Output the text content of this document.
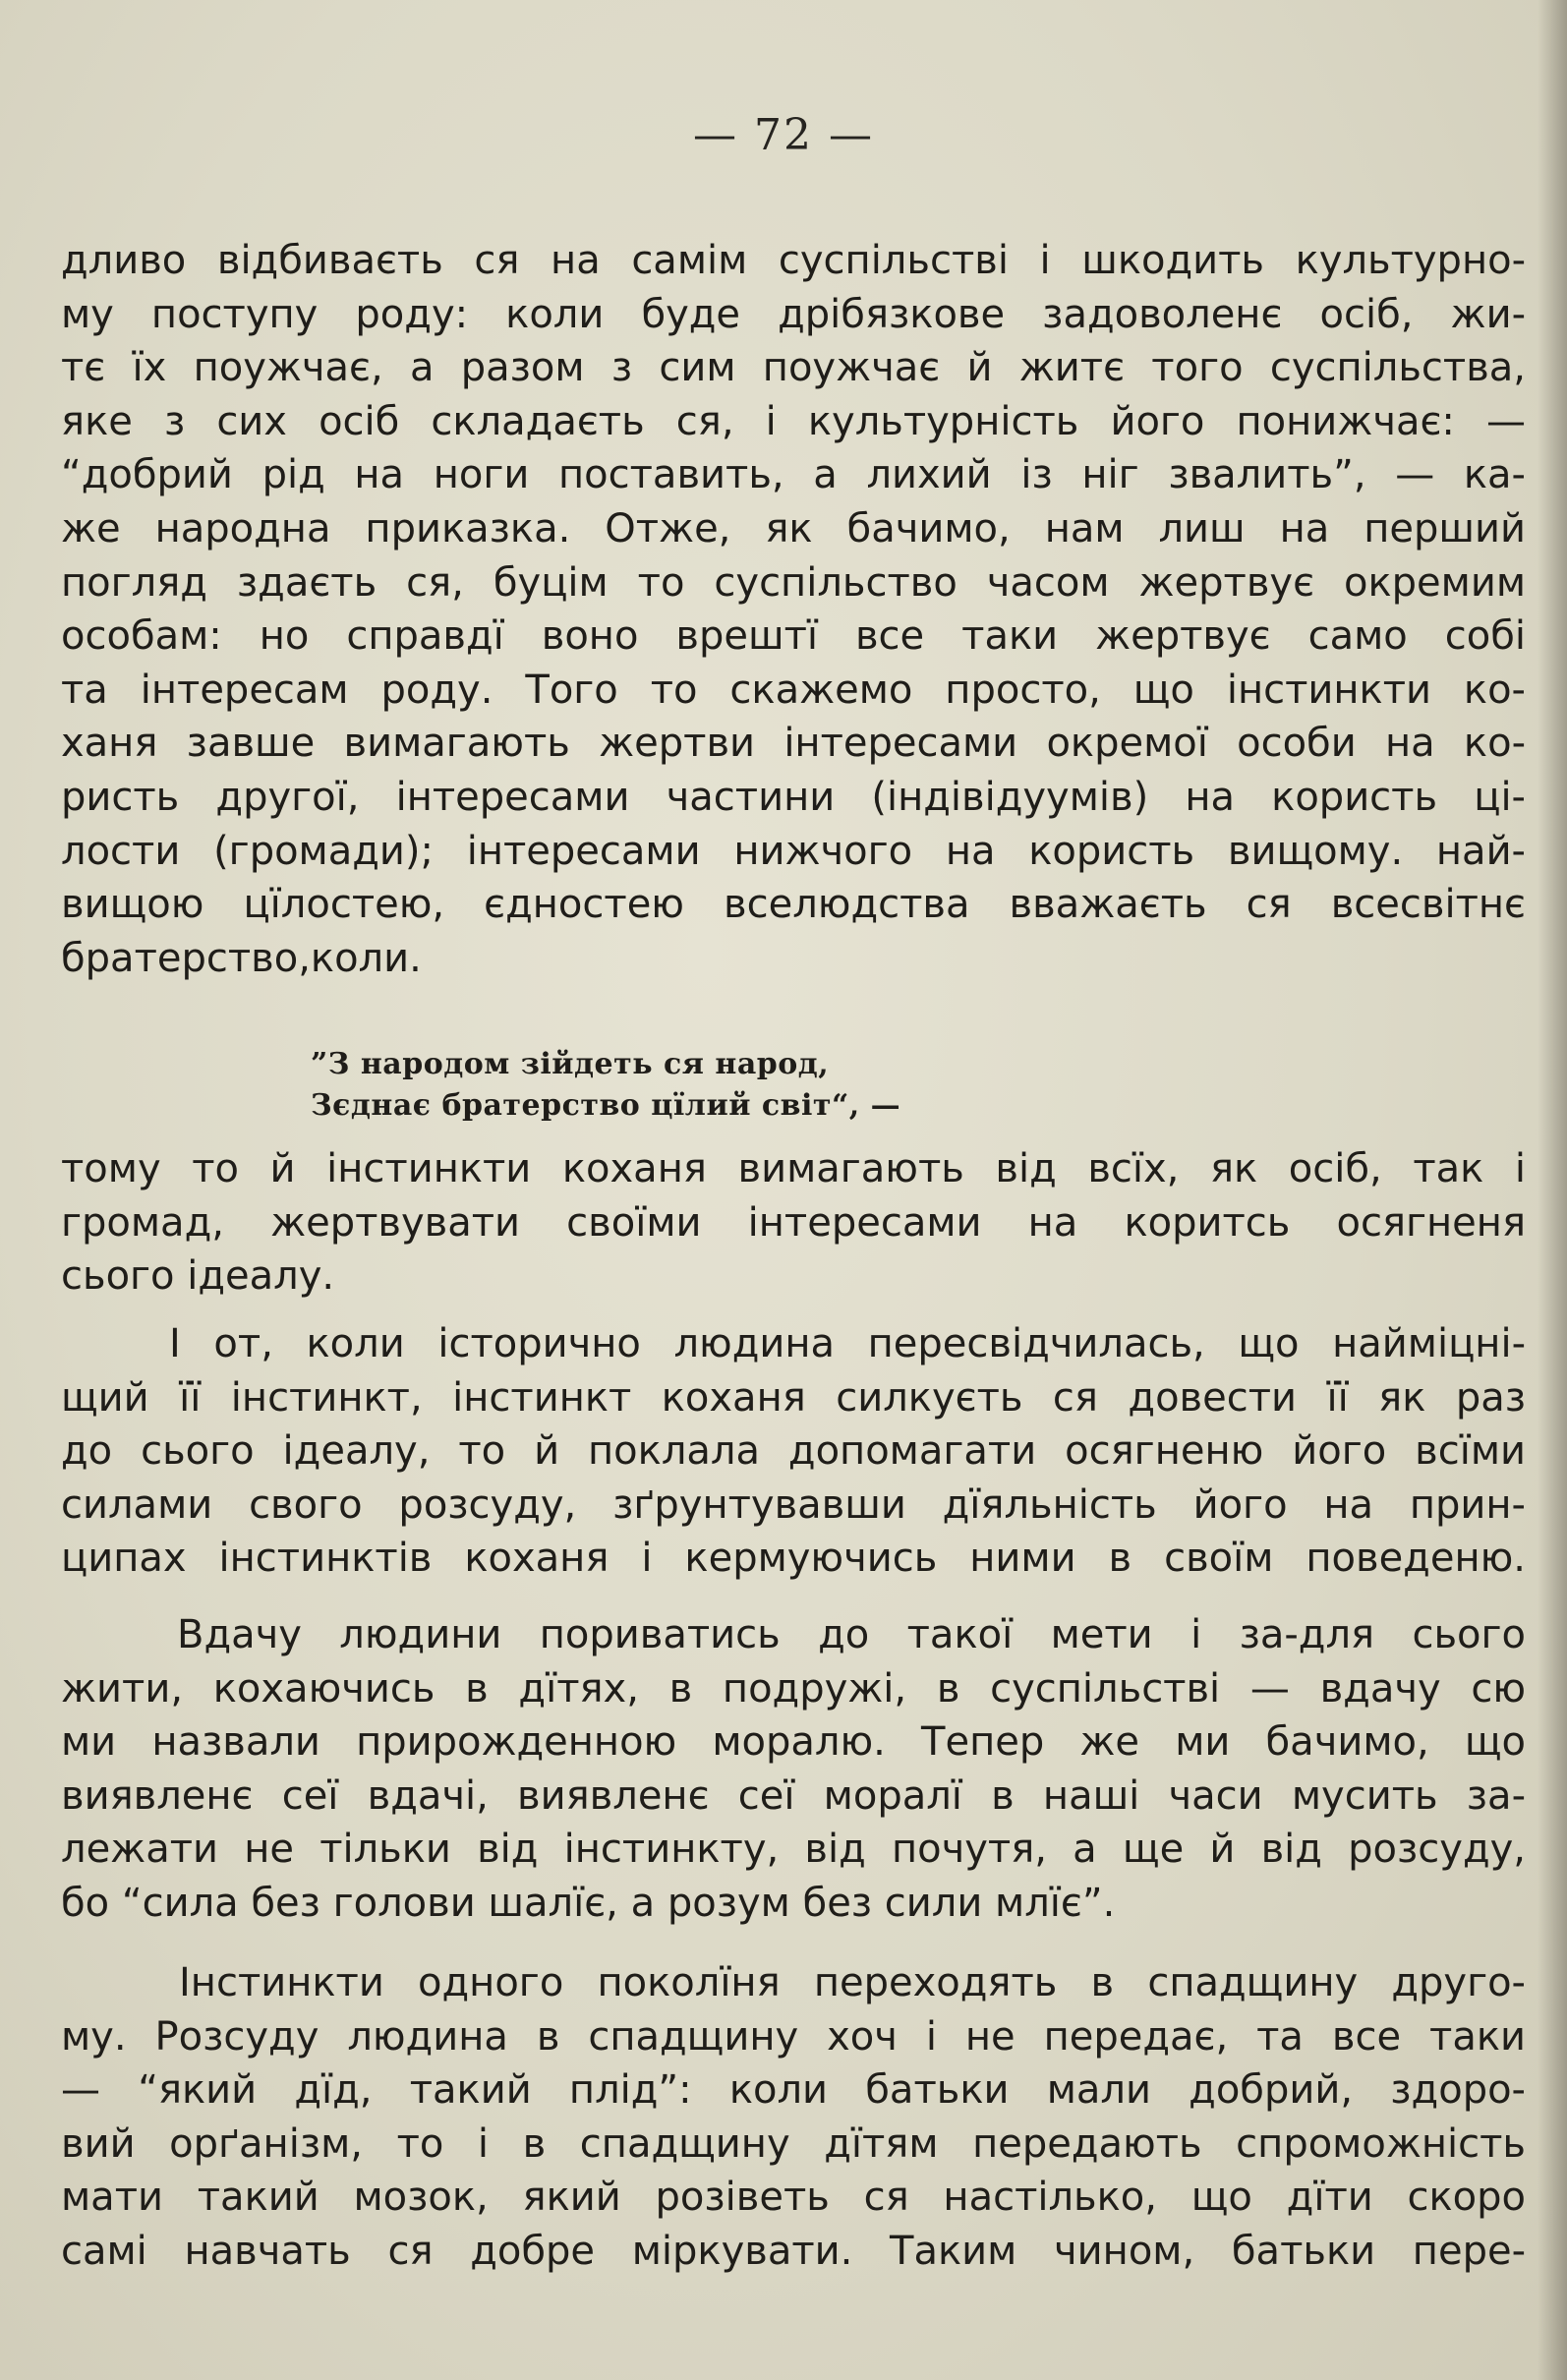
— 72 —
дливо відбиваєть ся на самім суспільстві і шкодить культурно-
му поступу роду: коли буде дрібязкове задоволенє осіб, жи-
тє їх поужчає, а разом з сим поужчає й житє того суспільства,
яке з сих осіб складаєть ся, і культурність його понижчає: —
“добрий рід на ноги поставить, а лихий із ніг звалить”, — ка-
же народна приказка. Отже, як бачимо, нам лиш на перший
погляд здаєть ся, буцім то суспільство часом жертвує окремим
особам: но справдї воно врештї все таки жертвує само собі
та інтересам роду. Того то скажемо просто, що інстинкти ко-
ханя завше вимагають жертви інтересами окремої особи на ко-
ристь другої, інтересами частини (індівідуумів) на користь ці-
лости (громади); інтересами нижчого на користь вищому. най-
вищою цїлостею, єдностею вселюдства вважаєть ся всесвітнє
братерство,коли.
”З народом зійдеть ся народ,
Зєднає братерство цїлий світ“, —
тому то й інстинкти коханя вимагають від всїх, як осіб, так і
громад, жертвувати своїми інтересами на коритсь осягненя
сього ідеалу.
І от, коли історично людина пересвідчилась, що найміцні-
щий її інстинкт, інстинкт коханя силкуєть ся довести її як раз
до сього ідеалу, то й поклала допомагати осягненю його всїми
силами свого розсуду, зґрунтувавши дїяльність його на прин-
ципах інстинктів коханя і кермуючись ними в своїм поведеню.
Вдачу людини пориватись до такої мети і за-для сього
жити, кохаючись в дїтях, в подружі, в суспільстві — вдачу сю
ми назвали прирожденною моралю. Тепер же ми бачимо, що
виявленє сеї вдачі, виявленє сеї моралї в наші часи мусить за-
лежати не тільки від інстинкту, від почутя, а ще й від розсуду,
бо “сила без голови шалїє, а розум без сили млїє”.
Інстинкти одного поколїня переходять в спадщину друго-
му. Розсуду людина в спадщину хоч і не передає, та все таки
— “який дїд, такий плід”: коли батьки мали добрий, здоро-
вий орґанізм, то і в спадщину дїтям передають спроможність
мати такий мозок, який розіветь ся настілько, що дїти скоро
самі навчать ся добре міркувати. Таким чином, батьки пере-
